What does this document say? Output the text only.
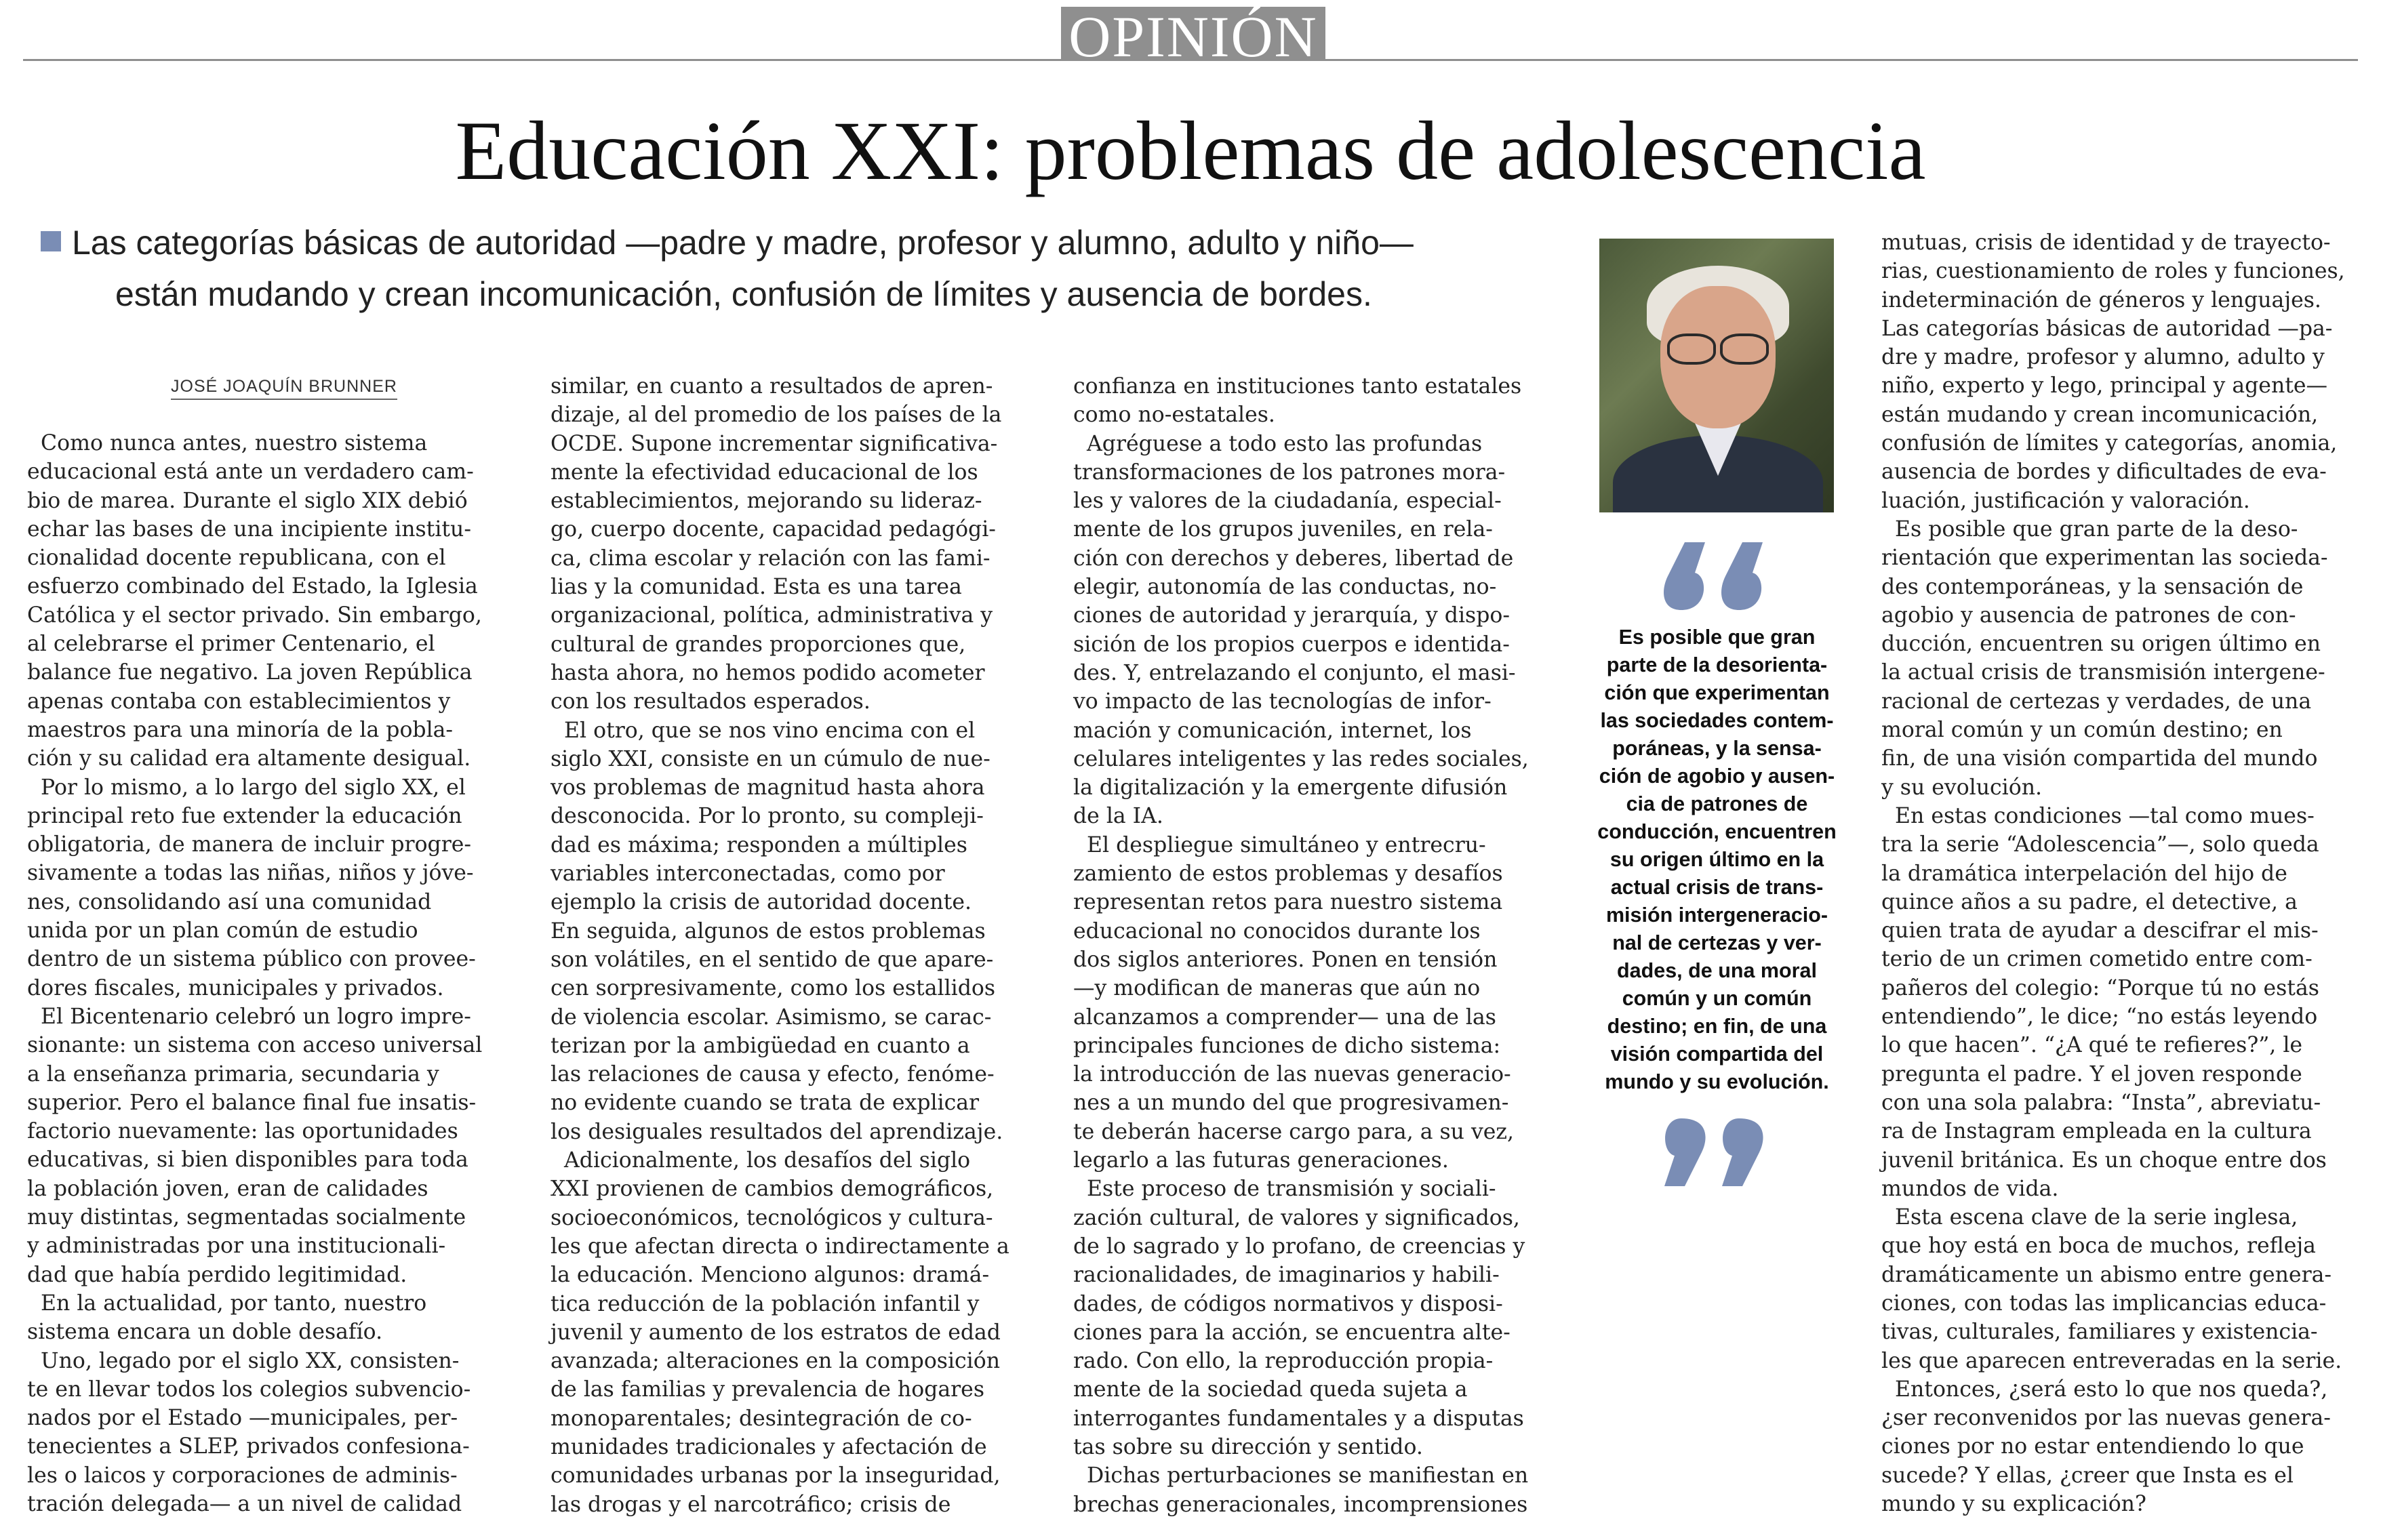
OPINIÓN
Educación XXI: problemas de adolescencia
Las categorías básicas de autoridad —padre y madre, profesor y alumno, adulto y niño—
están mudando y crean incomunicación, confusión de límites y ausencia de bordes.
JOSÉ JOAQUÍN BRUNNER

Como nunca antes, nuestro sistema

educacional está ante un verdadero cam-

bio de marea. Durante el siglo XIX debió

echar las bases de una incipiente institu-

cionalidad docente republicana, con el

esfuerzo combinado del Estado, la Iglesia

Católica y el sector privado. Sin embargo,

al celebrarse el primer Centenario, el

balance fue negativo. La joven República

apenas contaba con establecimientos y

maestros para una minoría de la pobla-

ción y su calidad era altamente desigual.

Por lo mismo, a lo largo del siglo XX, el

principal reto fue extender la educación

obligatoria, de manera de incluir progre-

sivamente a todas las niñas, niños y jóve-

nes, consolidando así una comunidad

unida por un plan común de estudio

dentro de un sistema público con provee-

dores fiscales, municipales y privados.

El Bicentenario celebró un logro impre-

sionante: un sistema con acceso universal

a la enseñanza primaria, secundaria y

superior. Pero el balance final fue insatis-

factorio nuevamente: las oportunidades

educativas, si bien disponibles para toda

la población joven, eran de calidades

muy distintas, segmentadas socialmente

y administradas por una institucionali-

dad que había perdido legitimidad.

En la actualidad, por tanto, nuestro

sistema encara un doble desafío.

Uno, legado por el siglo XX, consisten-

te en llevar todos los colegios subvencio-

nados por el Estado —municipales, per-

tenecientes a SLEP, privados confesiona-

les o laicos y corporaciones de adminis-

tración delegada— a un nivel de calidad

similar, en cuanto a resultados de apren-

dizaje, al del promedio de los países de la

OCDE. Supone incrementar significativa-

mente la efectividad educacional de los

establecimientos, mejorando su lideraz-

go, cuerpo docente, capacidad pedagógi-

ca, clima escolar y relación con las fami-

lias y la comunidad. Esta es una tarea

organizacional, política, administrativa y

cultural de grandes proporciones que,

hasta ahora, no hemos podido acometer

con los resultados esperados.

El otro, que se nos vino encima con el

siglo XXI, consiste en un cúmulo de nue-

vos problemas de magnitud hasta ahora

desconocida. Por lo pronto, su compleji-

dad es máxima; responden a múltiples

variables interconectadas, como por

ejemplo la crisis de autoridad docente.

En seguida, algunos de estos problemas

son volátiles, en el sentido de que apare-

cen sorpresivamente, como los estallidos

de violencia escolar. Asimismo, se carac-

terizan por la ambigüedad en cuanto a

las relaciones de causa y efecto, fenóme-

no evidente cuando se trata de explicar

los desiguales resultados del aprendizaje.

Adicionalmente, los desafíos del siglo

XXI provienen de cambios demográficos,

socioeconómicos, tecnológicos y cultura-

les que afectan directa o indirectamente a

la educación. Menciono algunos: dramá-

tica reducción de la población infantil y

juvenil y aumento de los estratos de edad

avanzada; alteraciones en la composición

de las familias y prevalencia de hogares

monoparentales; desintegración de co-

munidades tradicionales y afectación de

comunidades urbanas por la inseguridad,

las drogas y el narcotráfico; crisis de

confianza en instituciones tanto estatales

como no-estatales.

Agréguese a todo esto las profundas

transformaciones de los patrones mora-

les y valores de la ciudadanía, especial-

mente de los grupos juveniles, en rela-

ción con derechos y deberes, libertad de

elegir, autonomía de las conductas, no-

ciones de autoridad y jerarquía, y dispo-

sición de los propios cuerpos e identida-

des. Y, entrelazando el conjunto, el masi-

vo impacto de las tecnologías de infor-

mación y comunicación, internet, los

celulares inteligentes y las redes sociales,

la digitalización y la emergente difusión

de la IA.

El despliegue simultáneo y entrecru-

zamiento de estos problemas y desafíos

representan retos para nuestro sistema

educacional no conocidos durante los

dos siglos anteriores. Ponen en tensión

—y modifican de maneras que aún no

alcanzamos a comprender— una de las

principales funciones de dicho sistema:

la introducción de las nuevas generacio-

nes a un mundo del que progresivamen-

te deberán hacerse cargo para, a su vez,

legarlo a las futuras generaciones.

Este proceso de transmisión y sociali-

zación cultural, de valores y significados,

de lo sagrado y lo profano, de creencias y

racionalidades, de imaginarios y habili-

dades, de códigos normativos y disposi-

ciones para la acción, se encuentra alte-

rado. Con ello, la reproducción propia-

mente de la sociedad queda sujeta a

interrogantes fundamentales y a disputas

tas sobre su dirección y sentido.

Dichas perturbaciones se manifiestan en

brechas generacionales, incomprensiones

mutuas, crisis de identidad y de trayecto-

rias, cuestionamiento de roles y funciones,

indeterminación de géneros y lenguajes.

Las categorías básicas de autoridad —pa-

dre y madre, profesor y alumno, adulto y

niño, experto y lego, principal y agente—

están mudando y crean incomunicación,

confusión de límites y categorías, anomia,

ausencia de bordes y dificultades de eva-

luación, justificación y valoración.

Es posible que gran parte de la deso-

rientación que experimentan las socieda-

des contemporáneas, y la sensación de

agobio y ausencia de patrones de con-

ducción, encuentren su origen último en

la actual crisis de transmisión intergene-

racional de certezas y verdades, de una

moral común y un común destino; en

fin, de una visión compartida del mundo

y su evolución.

En estas condiciones —tal como mues-

tra la serie “Adolescencia”—, solo queda

la dramática interpelación del hijo de

quince años a su padre, el detective, a

quien trata de ayudar a descifrar el mis-

terio de un crimen cometido entre com-

pañeros del colegio: “Porque tú no estás

entendiendo”, le dice; “no estás leyendo

lo que hacen”. “¿A qué te refieres?”, le

pregunta el padre. Y el joven responde

con una sola palabra: “Insta”, abreviatu-

ra de Instagram empleada en la cultura

juvenil británica. Es un choque entre dos

mundos de vida.

Esta escena clave de la serie inglesa,

que hoy está en boca de muchos, refleja

dramáticamente un abismo entre genera-

ciones, con todas las implicancias educa-

tivas, culturales, familiares y existencia-

les que aparecen entreveradas en la serie.

Entonces, ¿será esto lo que nos queda?,

¿ser reconvenidos por las nuevas genera-

ciones por no estar entendiendo lo que

sucede? Y ellas, ¿creer que Insta es el

mundo y su explicación?

Es posible que gran

parte de la desorienta-

ción que experimentan

las sociedades contem-

poráneas, y la sensa-

ción de agobio y ausen-

cia de patrones de

conducción, encuentren

su origen último en la

actual crisis de trans-

misión intergeneracio-

nal de certezas y ver-

dades, de una moral

común y un común

destino; en fin, de una

visión compartida del

mundo y su evolución.
